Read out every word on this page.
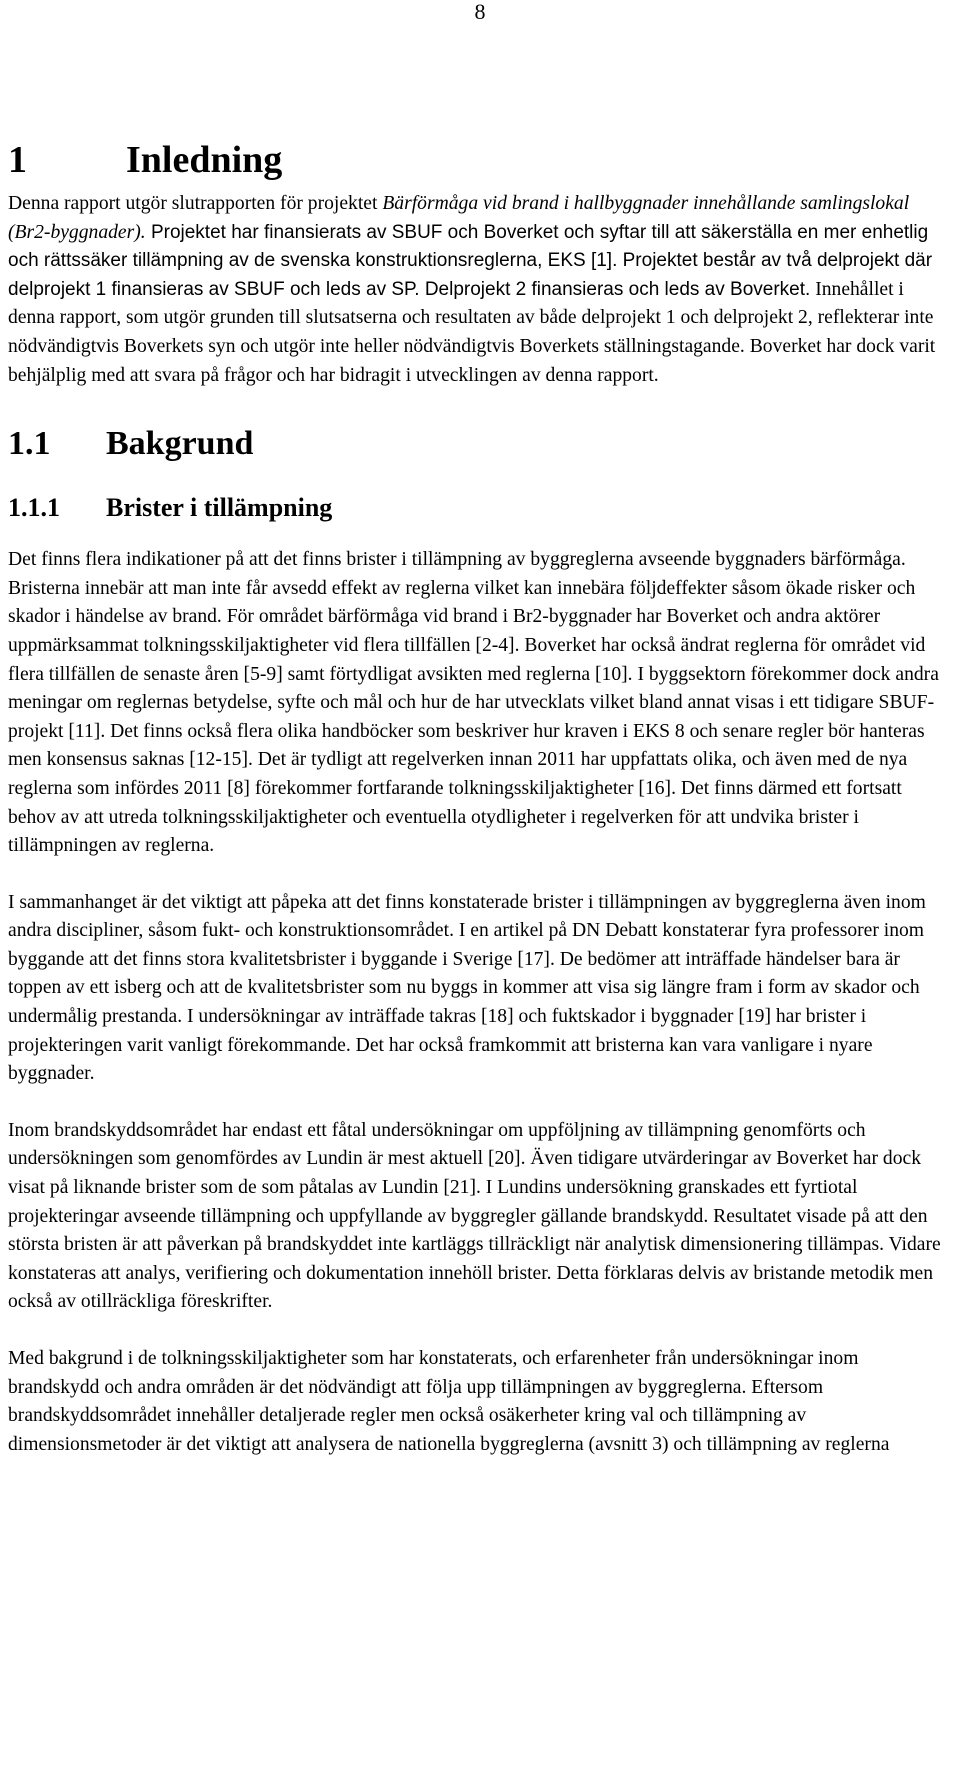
8
1	Inledning

Denna rapport utgör slutrapporten för projektet Bärförmåga vid brand i hallbyggnader innehållande samlingslokal (Br2-byggnader). Projektet har finansierats av SBUF och Boverket och syftar till att säkerställa en mer enhetlig och rättssäker tillämpning av de svenska konstruktionsreglerna, EKS [1]. Projektet består av två delprojekt där delprojekt 1 finansieras av SBUF och leds av SP. Delprojekt 2 finansieras och leds av Boverket. Innehållet i denna rapport, som utgör grunden till slutsatserna och resultaten av både delprojekt 1 och delprojekt 2, reflekterar inte nödvändigtvis Boverkets syn och utgör inte heller nödvändigtvis Boverkets ställningstagande. Boverket har dock varit behjälplig med att svara på frågor och har bidragit i utvecklingen av denna rapport.

1.1 Bakgrund
1.1.1 Brister i tillämpning

Det finns flera indikationer på att det finns brister i tillämpning av byggreglerna avseende byggnaders bärförmåga. Bristerna innebär att man inte får avsedd effekt av reglerna vilket kan innebära följdeffekter såsom ökade risker och skador i händelse av brand. För området bärförmåga vid brand i Br2-byggnader har Boverket och andra aktörer uppmärksammat tolkningsskiljaktigheter vid flera tillfällen [2-4]. Boverket har också ändrat reglerna för området vid flera tillfällen de senaste åren [5-9] samt förtydligat avsikten med reglerna [10]. I byggsektorn förekommer dock andra meningar om reglernas betydelse, syfte och mål och hur de har utvecklats vilket bland annat visas i ett tidigare SBUF-projekt [11]. Det finns också flera olika handböcker som beskriver hur kraven i EKS 8 och senare regler bör hanteras men konsensus saknas [12-15]. Det är tydligt att regelverken innan 2011 har uppfattats olika, och även med de nya reglerna som infördes 2011 [8] förekommer fortfarande tolkningsskiljaktigheter [16]. Det finns därmed ett fortsatt behov av att utreda tolkningsskiljaktigheter och eventuella otydligheter i regelverken för att undvika brister i tillämpningen av reglerna.

I sammanhanget är det viktigt att påpeka att det finns konstaterade brister i tillämpningen av byggreglerna även inom andra discipliner, såsom fukt- och konstruktionsområdet. I en artikel på DN Debatt konstaterar fyra professorer inom byggande att det finns stora kvalitetsbrister i byggande i Sverige [17]. De bedömer att inträffade händelser bara är toppen av ett isberg och att de kvalitetsbrister som nu byggs in kommer att visa sig längre fram i form av skador och undermålig prestanda. I undersökningar av inträffade takras [18] och fuktskador i byggnader [19] har brister i projekteringen varit vanligt förekommande. Det har också framkommit att bristerna kan vara vanligare i nyare byggnader.

Inom brandskyddsområdet har endast ett fåtal undersökningar om uppföljning av tillämpning genomförts och undersökningen som genomfördes av Lundin är mest aktuell [20]. Även tidigare utvärderingar av Boverket har dock visat på liknande brister som de som påtalas av Lundin [21]. I Lundins undersökning granskades ett fyrtiotal projekteringar avseende tillämpning och uppfyllande av byggregler gällande brandskydd. Resultatet visade på att den största bristen är att påverkan på brandskyddet inte kartläggs tillräckligt när analytisk dimensionering tillämpas. Vidare konstateras att analys, verifiering och dokumentation innehöll brister. Detta förklaras delvis av bristande metodik men också av otillräckliga föreskrifter.

Med bakgrund i de tolkningsskiljaktigheter som har konstaterats, och erfarenheter från undersökningar inom brandskydd och andra områden är det nödvändigt att följa upp tillämpningen av byggreglerna. Eftersom brandskyddsområdet innehåller detaljerade regler men också osäkerheter kring val och tillämpning av dimensionsmetoder är det viktigt att analysera de nationella byggreglerna (avsnitt 3) och tillämpning av reglerna
